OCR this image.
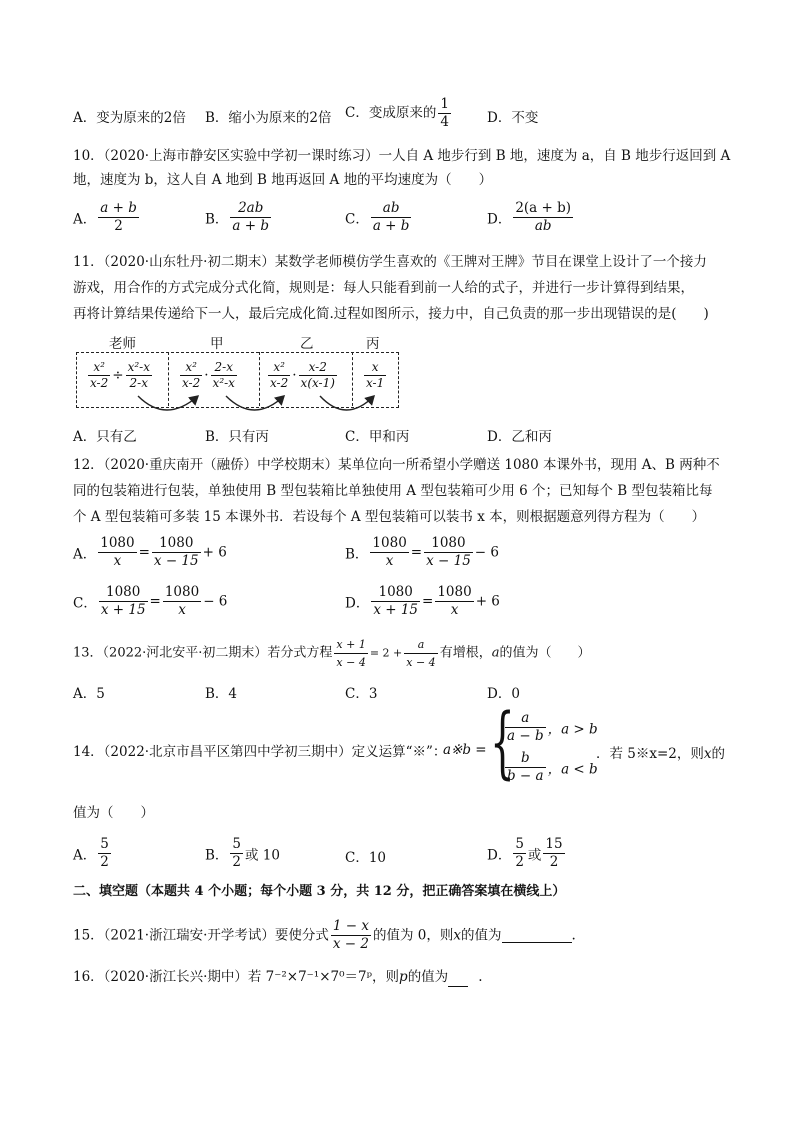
A．变为原来的2倍 B．缩小为原来的2倍 C．变成原来的 $\frac{1}{4}$	D．不变
10．（2020·上海市静安区实验中学初一课时练习）一人自 A 地步行到 B 地，速度为 a，自 B 地步行返回到 A
地，速度为 b，这人自 A 地到 B 地再返回 A 地的平均速度为（　　）
A． $\frac{a + b}{2}$	B． $\frac{2ab}{a + b}$	C． $\frac{ab}{a + b}$	D． $\frac{2(a + b)}{ab}$
11．（2020·山东牡丹·初二期末）某数学老师模仿学生喜欢的《王牌对王牌》节目在课堂上设计了一个接力
游戏，用合作的方式完成分式化简，规则是：每人只能看到前一人给的式子，并进行一步计算得到结果，
再将计算结果传递给下一人，最后完成化简.过程如图所示，接力中，自己负责的那一步出现错误的是(　　)
老师	甲	乙	丙
$\frac{\text{x²}}{x-2} \div \frac{\text{x²-x}}{2-x} \frac{\text{x²}}{x-2} \cdot \frac{2-x}{\text{x²-x}}$	$\frac{\text{x²}}{x-2} \cdot \frac{x-2}{x(x-1)} \frac{x}{x-1}$
A．只有乙	B．只有丙	C．甲和丙	D．乙和丙
12．（2020·重庆南开（融侨）中学校期末）某单位向一所希望小学赠送 1080 本课外书，现用 A、B 两种不
同的包装箱进行包装，单独使用 B 型包装箱比单独使用 A 型包装箱可少用 6 个；已知每个 B 型包装箱比每
个 A 型包装箱可多装 15 本课外书．若设每个 A 型包装箱可以装书 x 本，则根据题意列得方程为（　　）
A． $\frac{1080}{x} = \frac{1080}{x - 15} + 6$	B． $\frac{1080}{x} = \frac{1080}{x - 15} - 6$
C． $\frac{1080}{x + 15} = \frac{1080}{x} - 6$	D． $\frac{1080}{x + 15} = \frac{1080}{x} + 6$
13．（2022·河北安平·初二期末）若分式方程 $\frac{x + 1}{x - 4} = 2 + \frac{a}{x - 4}$ 有增根，a的值为（　　）
A．5	B．4	C．3	D．0
14．（2022·北京市昌平区第四中学初三期中）定义运算“※”：
a※b = {
$\frac{a}{a - b}$ ，a > b
$\frac{b}{b - a}$ ，a < b
．若 5※x=2，则x的
值为（　　）
A． $\frac{5}{2}$	B． $\frac{5}{2}$ 或 10	C．10	D． $\frac{5}{2}$ 或 $\frac{15}{2}$
二、填空题（本题共 4 个小题；每个小题 3 分，共 12 分，把正确答案填在横线上）
15．（2021·浙江瑞安·开学考试）要使分式 $\frac{1 - x}{x - 2}$ 的值为 0，则x的值为	.
16．（2020·浙江长兴·期中）若 7⁻²×7⁻¹×7⁰＝7ᵖ，则p的值为 .
